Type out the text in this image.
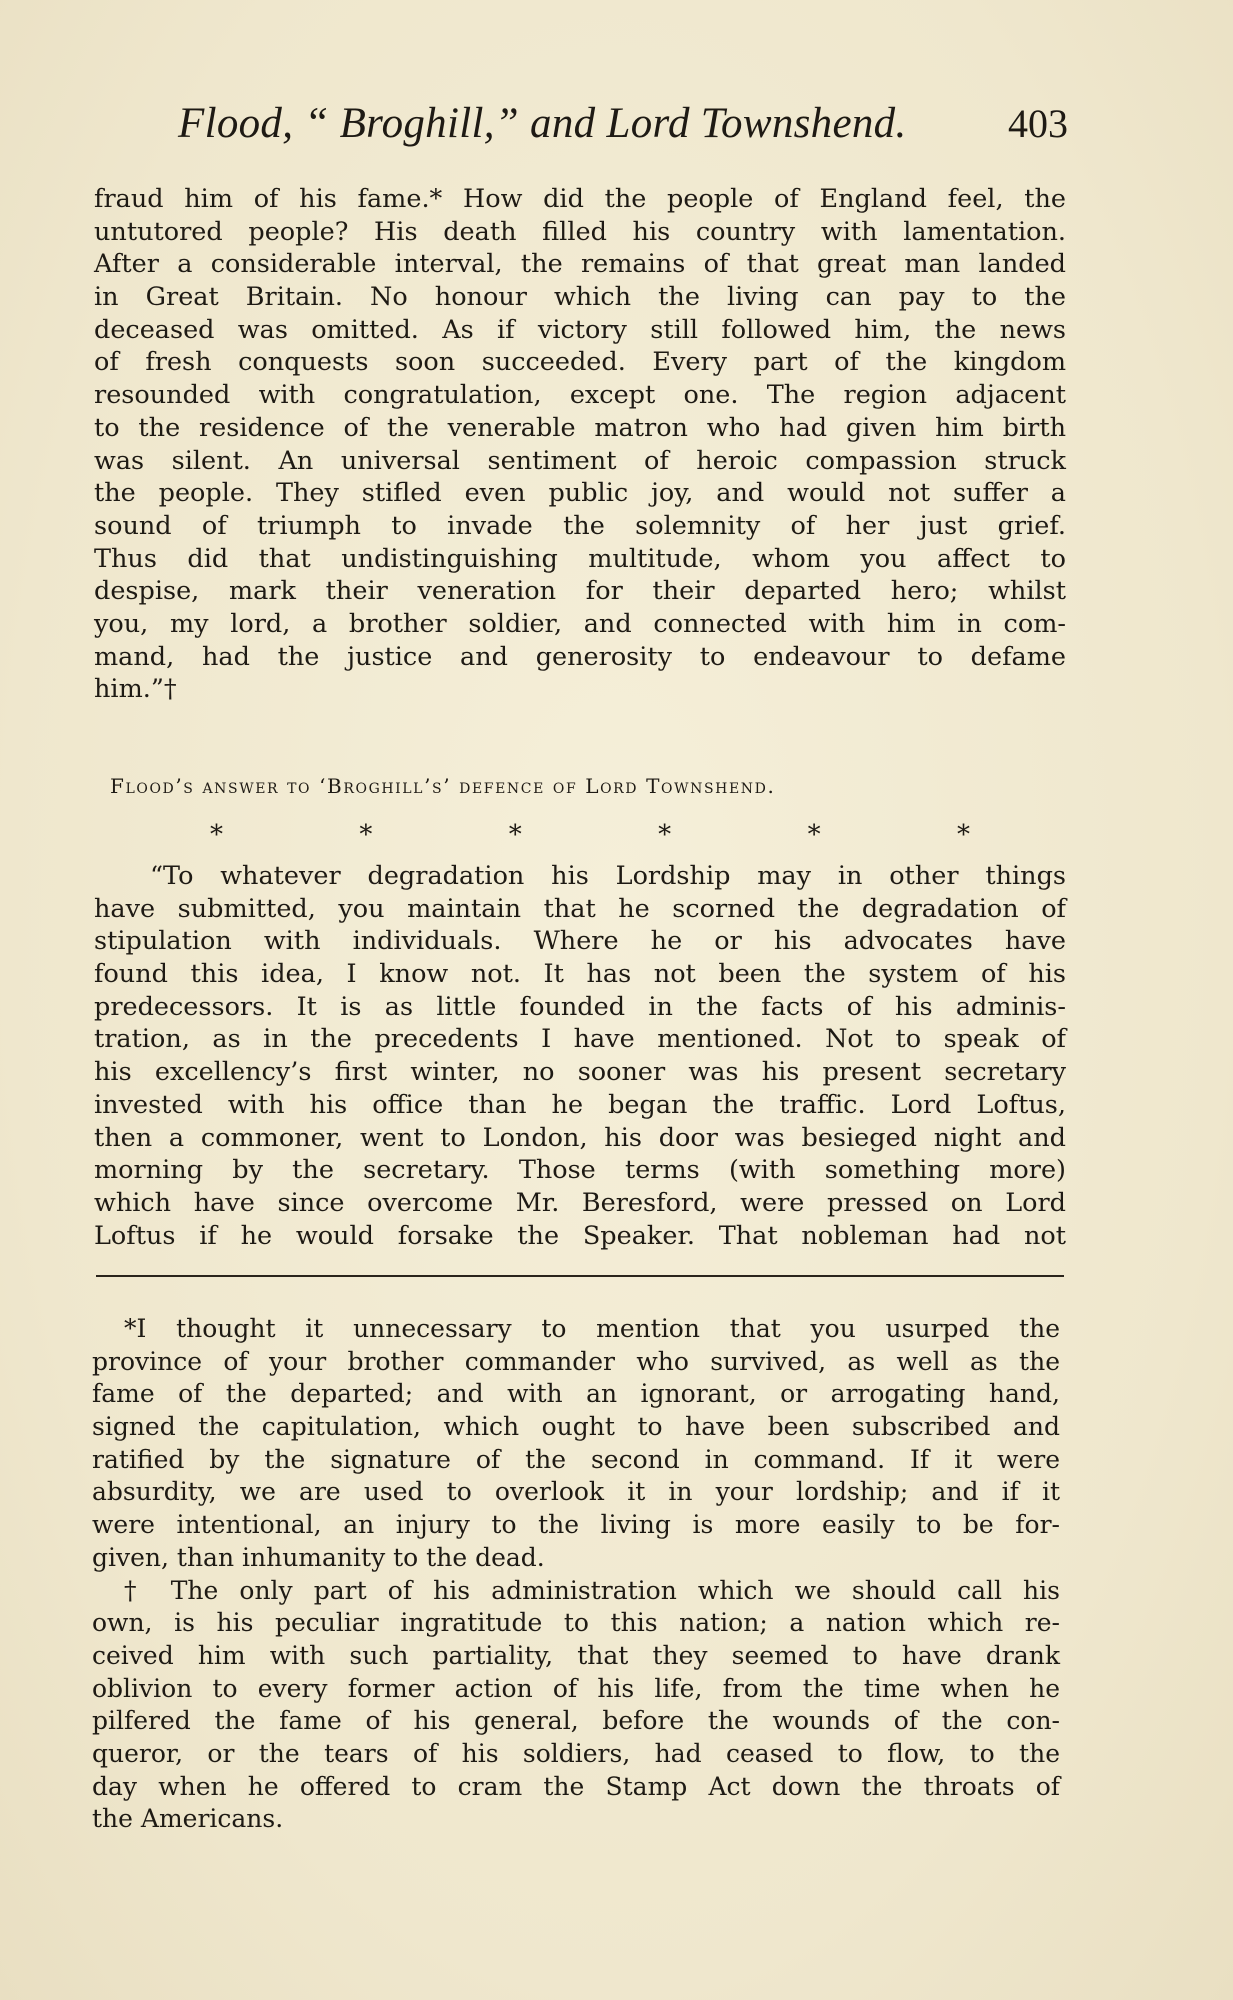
Flood, “ Broghill,” and Lord Townshend.	403
fraud him of his fame.* How did the people of England feel, the
untutored people? His death filled his country with lamentation.
After a considerable interval, the remains of that great man landed
in Great Britain. No honour which the living can pay to the
deceased was omitted. As if victory still followed him, the news
of fresh conquests soon succeeded. Every part of the kingdom
resounded with congratulation, except one. The region adjacent
to the residence of the venerable matron who had given him birth
was silent. An universal sentiment of heroic compassion struck
the people. They stifled even public joy, and would not suffer a
sound of triumph to invade the solemnity of her just grief.
Thus did that undistinguishing multitude, whom you affect to
despise, mark their veneration for their departed hero; whilst
you, my lord, a brother soldier, and connected with him in com-
mand, had the justice and generosity to endeavour to defame
him.”†
Flood’s answer to ‘Broghill’s’ defence of Lord Townshend.
*	*	*	*	*	*
“To whatever degradation his Lordship may in other things
have submitted, you maintain that he scorned the degradation of
stipulation with individuals. Where he or his advocates have
found this idea, I know not. It has not been the system of his
predecessors. It is as little founded in the facts of his adminis-
tration, as in the precedents I have mentioned. Not to speak of
his excellency’s first winter, no sooner was his present secretary
invested with his office than he began the traffic. Lord Loftus,
then a commoner, went to London, his door was besieged night and
morning by the secretary. Those terms (with something more)
which have since overcome Mr. Beresford, were pressed on Lord
Loftus if he would forsake the Speaker. That nobleman had not
*I thought it unnecessary to mention that you usurped the
province of your brother commander who survived, as well as the
fame of the departed; and with an ignorant, or arrogating hand,
signed the capitulation, which ought to have been subscribed and
ratified by the signature of the second in command. If it were
absurdity, we are used to overlook it in your lordship; and if it
were intentional, an injury to the living is more easily to be for-
given, than inhumanity to the dead.
† The only part of his administration which we should call his
own, is his peculiar ingratitude to this nation; a nation which re-
ceived him with such partiality, that they seemed to have drank
oblivion to every former action of his life, from the time when he
pilfered the fame of his general, before the wounds of the con-
queror, or the tears of his soldiers, had ceased to flow, to the
day when he offered to cram the Stamp Act down the throats of
the Americans.
